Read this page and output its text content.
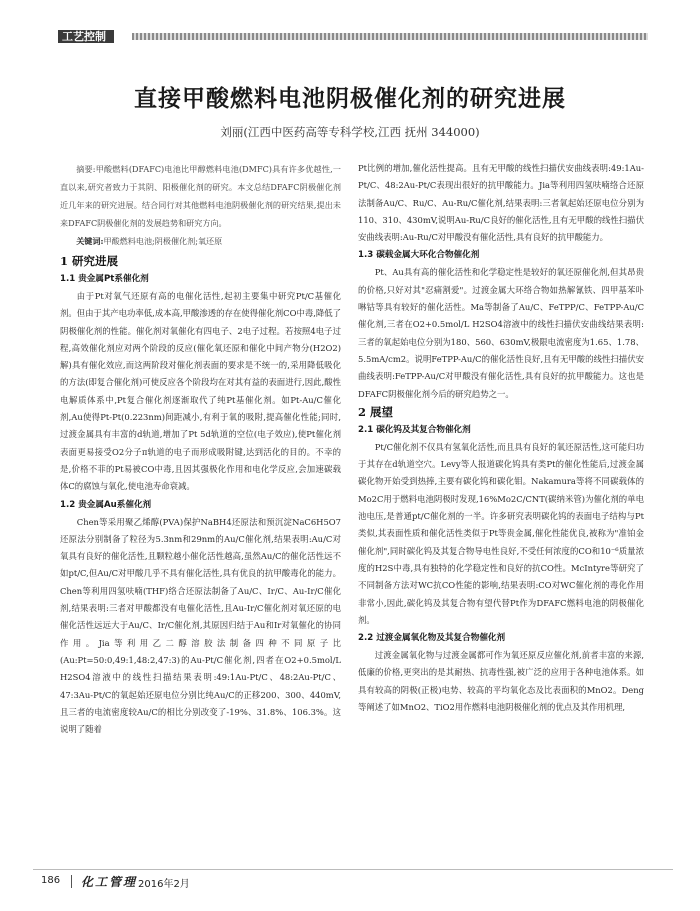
工艺控制
直接甲酸燃料电池阴极催化剂的研究进展
刘丽(江西中医药高等专科学校,江西 抚州 344000)

摘要:甲酸燃料(DFAFC)电池比甲醇燃料电池(DMFC)具有许多优越性,一直以来,研究者致力于其阴、阳极催化剂的研究。本文总结DFAFC阴极催化剂近几年来的研究进展。结合同行对其他燃料电池阴极催化剂的研究结果,提出未来DFAFC阴极催化剂的发展趋势和研究方向。

关键词:甲酸燃料电池;阴极催化剂;氧还原
1 研究进展
1.1 贵金属Pt系催化剂

由于Pt对氧气还原有高的电催化活性,起初主要集中研究Pt/C基催化剂。但由于其产电功率低,成本高,甲酸渗透的存在使得催化剂CO中毒,降低了阴极催化剂的性能。催化剂对氧催化有四电子、2电子过程。若按照4电子过程,高效催化剂应对两个阶段的反应(催化氧还原和催化中间产物分(H2O2)解)具有催化效应,而这两阶段对催化剂表面的要求是不统一的,采用降低吸化的方法(即复合催化剂)可使反应各个阶段均在对其有益的表面进行,因此,酸性电解质体系中,Pt复合催化剂逐渐取代了纯Pt基催化剂。如Pt-Au/C催化剂,Au使得Pt-Pt(0.223nm)间距减小,有利于氧的吸附,提高催化性能;同时,过渡金属具有丰富的d轨道,增加了Pt 5d轨道的空位(电子效应),使Pt催化剂表面更易接受O2分子π轨道的电子而形成吸附键,达到活化的目的。不幸的是,价格不菲的Pt易被CO中毒,且因其强极化作用和电化学反应,会加速碳载体C的腐蚀与氧化,使电池寿命衰减。

1.2 贵金属Au系催化剂

Chen等采用聚乙烯醇(PVA)保护NaBH4还原法和预沉淀NaC6H5O7还原法分别制备了粒径为5.3nm和29nm的Au/C催化剂,结果表明:Au/C对氧具有良好的催化活性,且颗粒越小催化活性越高,虽然Au/C的催化活性远不如pt/C,但Au/C对甲酸几乎不具有催化活性,具有优良的抗甲酸毒化的能力。Chen等利用四氢呋喃(THF)络合还原法制备了Au/C、Ir/C、Au-Ir/C催化剂,结果表明:三者对甲酸都没有电催化活性,且Au-Ir/C催化剂对氧还原的电催化活性远远大于Au/C、Ir/C催化剂,其原因归结于Au和Ir对氧催化的协同作用。Jia等利用乙二醇溶胶法制备四种不同原子比(Au:Pt=50:0,49:1,48:2,47:3)的Au-Pt/C催化剂,四者在O2+0.5mol/L H2SO4溶液中的线性扫描结果表明:49:1Au-Pt/C、48:2Au-Pt/C、47:3Au-Pt/C的氧起始还原电位分别比纯Au/C的正移200、300、440mV,且三者的电流密度较Au/C的相比分别改变了-19%、31.8%、106.3%。这说明了随着

Pt比例的增加,催化活性提高。且有无甲酸的线性扫描伏安曲线表明:49:1Au-Pt/C、48:2Au-Pt/C表现出很好的抗甲酸能力。Jia等利用四氢呋喃络合还原法制备Au/C、Ru/C、Au-Ru/C催化剂,结果表明:三者氧起始还原电位分别为110、310、430mV,说明Au-Ru/C良好的催化活性,且有无甲酸的线性扫描伏安曲线表明:Au-Ru/C对甲酸没有催化活性,具有良好的抗甲酸能力。

1.3 碳载金属大环化合物催化剂

Pt、Au具有高的催化活性和化学稳定性是较好的氧还原催化剂,但其昂贵的价格,只好对其"忍痛割爱"。过渡金属大环络合物如热解氰铁、四甲基苯卟啉钴等具有较好的催化活性。Ma等制备了Au/C、FeTPP/C、FeTPP-Au/C催化剂,三者在O2+0.5mol/L H2SO4溶液中的线性扫描伏安曲线结果表明:三者的氧起始电位分别为180、560、630mV,极限电流密度为1.65、1.78、5.5mA/cm2。说明FeTPP-Au/C的催化活性良好,且有无甲酸的线性扫描伏安曲线表明:FeTPP-Au/C对甲酸没有催化活性,具有良好的抗甲酸能力。这也是DFAFC阴极催化剂今后的研究趋势之一。

2 展望
2.1 碳化钨及其复合物催化剂

Pt/C催化剂不仅具有氢氧化活性,而且具有良好的氧还原活性,这可能归功于其存在d轨道空穴。Levy等人报道碳化钨具有类Pt的催化性能后,过渡金属碳化物开始受到热捧,主要有碳化钨和碳化钼。Nakamura等将不同碳载体的Mo2C用于燃料电池阴极时发现,16%Mo2C/CNT(碳纳米管)为催化剂的单电池电压,是普通pt/C催化剂的一半。许多研究表明碳化钨的表面电子结构与Pt类似,其表面性质和催化活性类似于Pt等贵金属,催化性能优良,被称为"准铂金催化剂",同时碳化钨及其复合物导电性良好,不受任何浓度的CO和10⁻⁶质量浓度的H2S中毒,具有独特的化学稳定性和良好的抗CO性。McIntyre等研究了不同制备方法对WC抗CO性能的影响,结果表明:CO对WC催化剂的毒化作用非常小,因此,碳化钨及其复合物有望代替Pt作为DFAFC燃料电池的阴极催化剂。

2.2 过渡金属氧化物及其复合物催化剂

过渡金属氧化物与过渡金属都可作为氧还原反应催化剂,前者丰富的来源,低廉的价格,更突出的是其耐热、抗毒性强,被广泛的应用于各种电池体系。如具有较高的阴极(正极)电势、较高的平均氧化态及比表面积的MnO2。Deng等阐述了如MnO2、TiO2用作燃料电池阴极催化剂的优点及其作用机理,

186 化工管理 2016年2月
